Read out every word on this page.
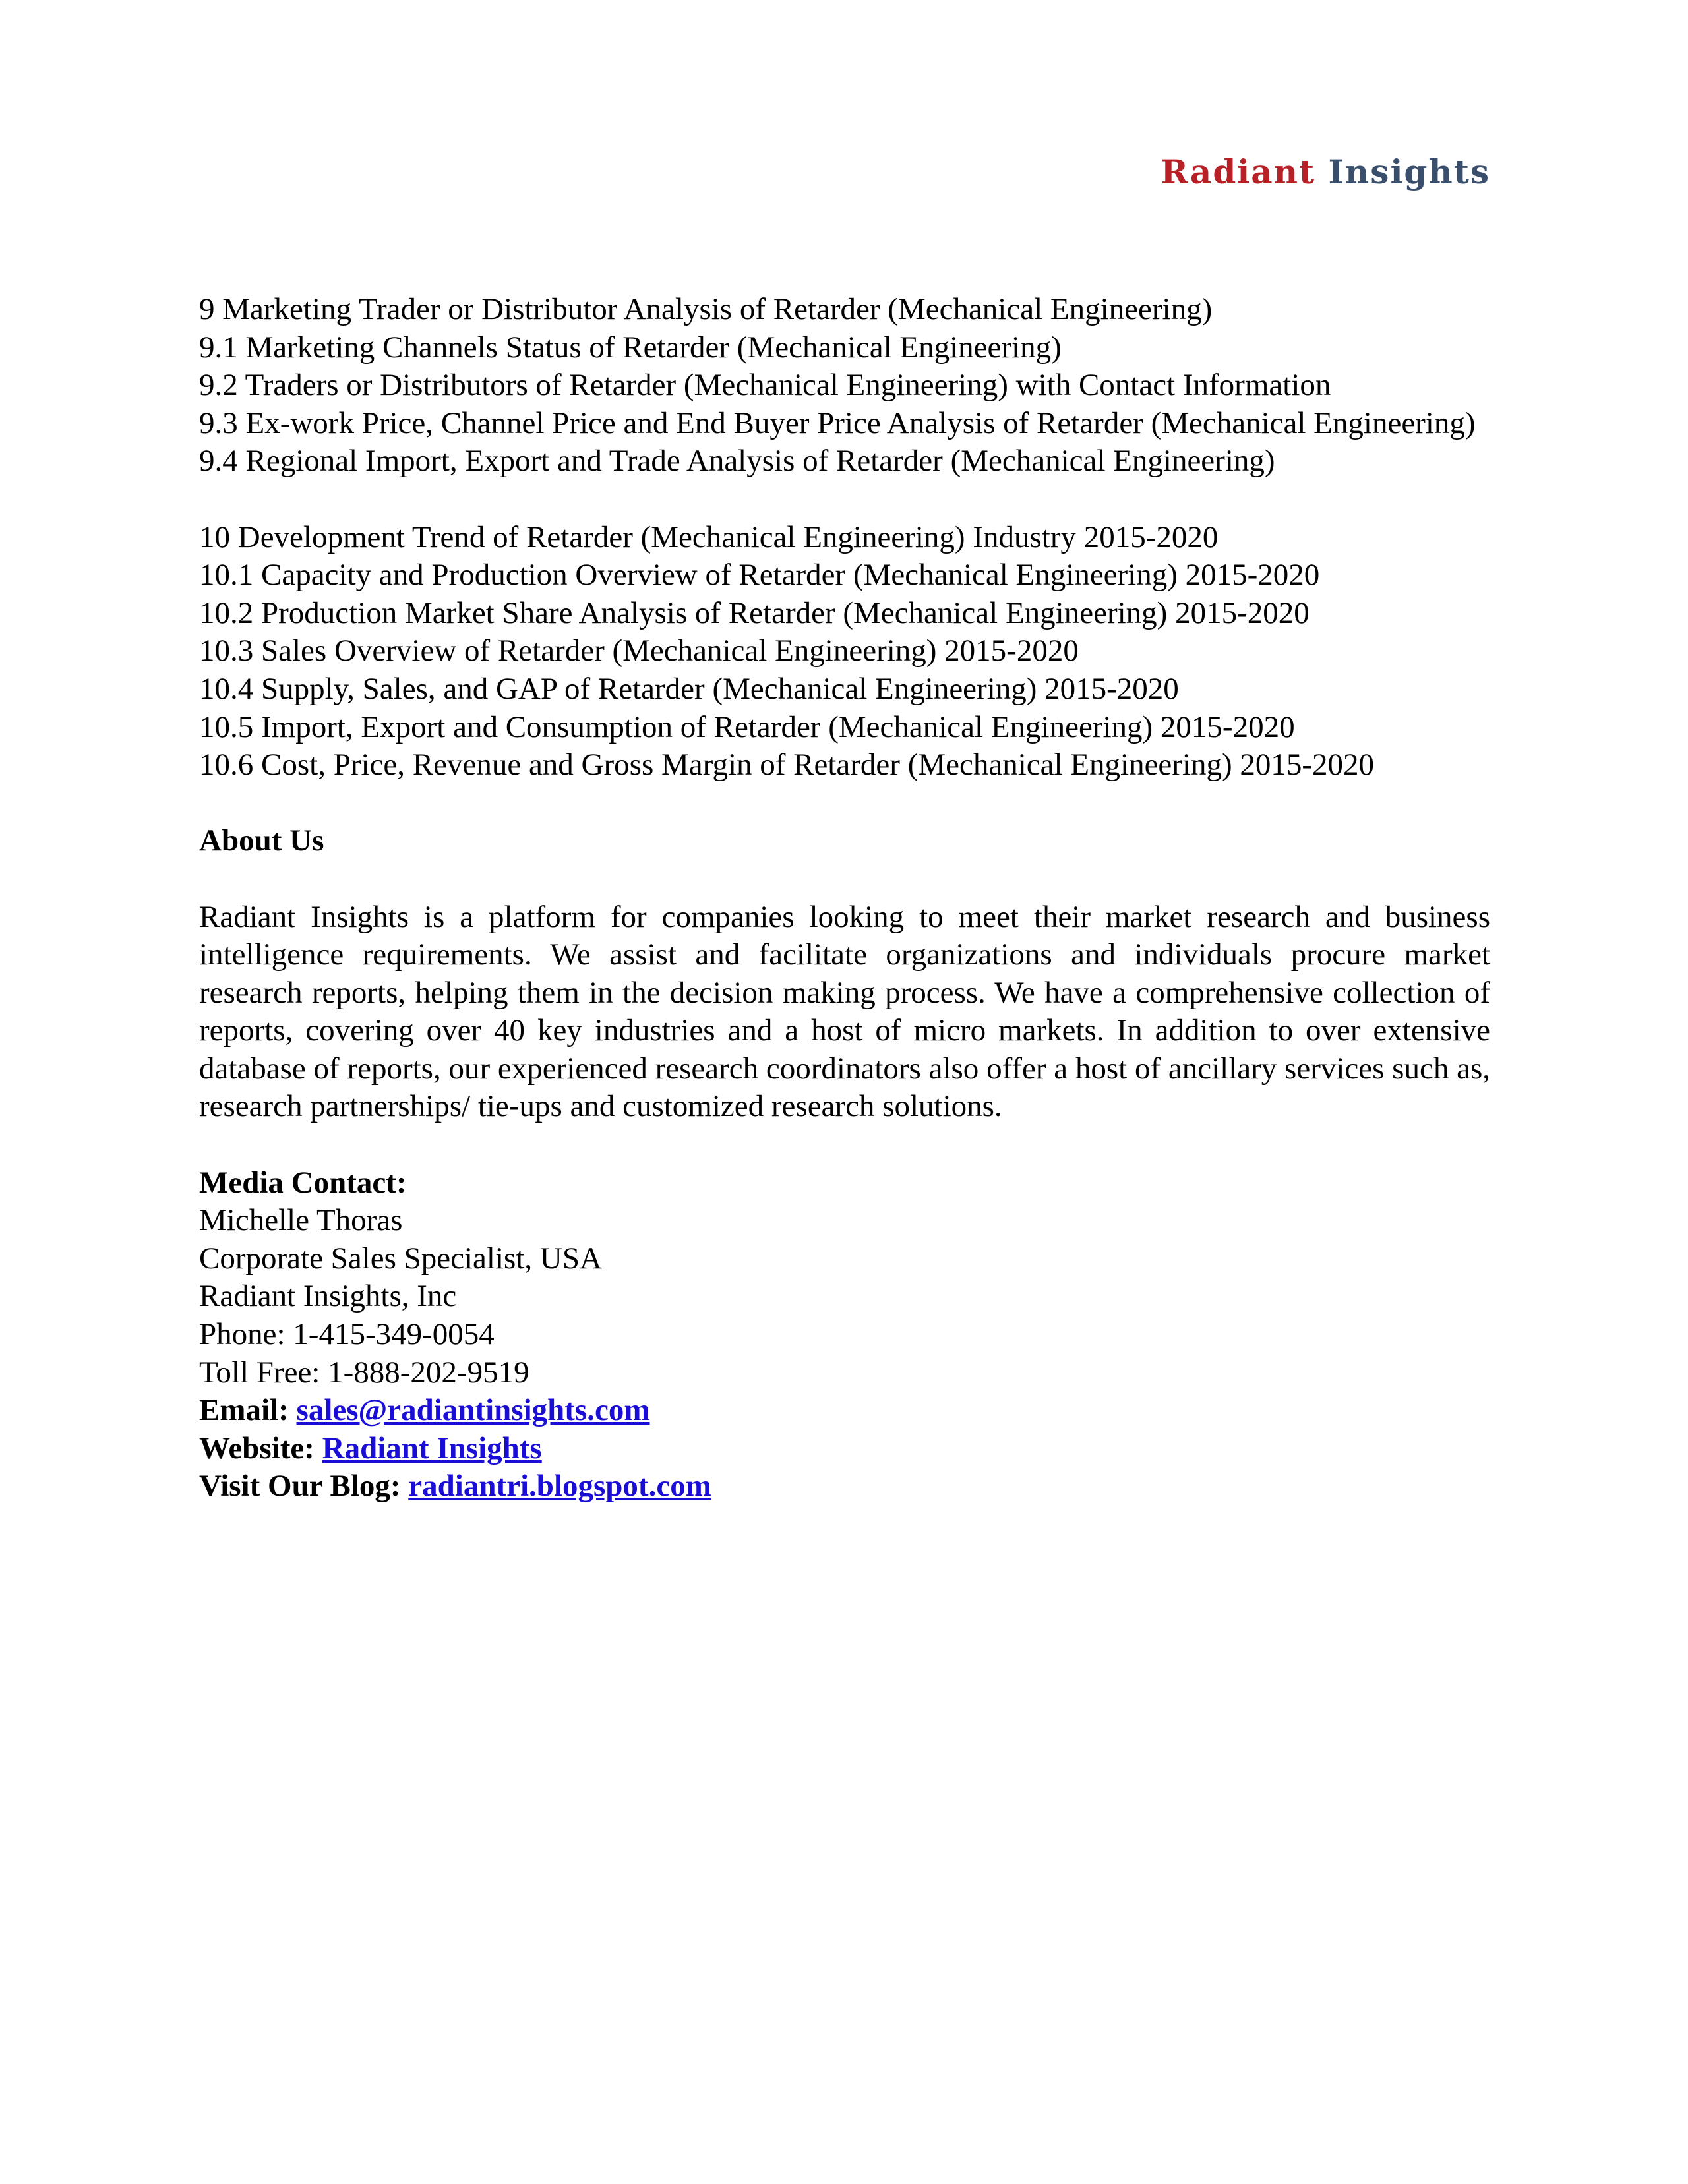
Radiant Insights
9 Marketing Trader or Distributor Analysis of Retarder (Mechanical Engineering)
9.1 Marketing Channels Status of Retarder (Mechanical Engineering)
9.2 Traders or Distributors of Retarder (Mechanical Engineering) with Contact Information
9.3 Ex-work Price, Channel Price and End Buyer Price Analysis of Retarder (Mechanical Engineering)
9.4 Regional Import, Export and Trade Analysis of Retarder (Mechanical Engineering)
10 Development Trend of Retarder (Mechanical Engineering) Industry 2015-2020
10.1 Capacity and Production Overview of Retarder (Mechanical Engineering) 2015-2020
10.2 Production Market Share Analysis of Retarder (Mechanical Engineering) 2015-2020
10.3 Sales Overview of Retarder (Mechanical Engineering) 2015-2020
10.4 Supply, Sales, and GAP of Retarder (Mechanical Engineering) 2015-2020
10.5 Import, Export and Consumption of Retarder (Mechanical Engineering) 2015-2020
10.6 Cost, Price, Revenue and Gross Margin of Retarder (Mechanical Engineering) 2015-2020
About Us
Radiant Insights is a platform for companies looking to meet their market research and business intelligence requirements. We assist and facilitate organizations and individuals procure market research reports, helping them in the decision making process. We have a comprehensive collection of reports, covering over 40 key industries and a host of micro markets. In addition to over extensive database of reports, our experienced research coordinators also offer a host of ancillary services such as, research partnerships/ tie-ups and customized research solutions.
Media Contact:
Michelle Thoras
Corporate Sales Specialist, USA
Radiant Insights, Inc
Phone: 1-415-349-0054
Toll Free: 1-888-202-9519
Email: sales@radiantinsights.com
Website: Radiant Insights
Visit Our Blog: radiantri.blogspot.com
